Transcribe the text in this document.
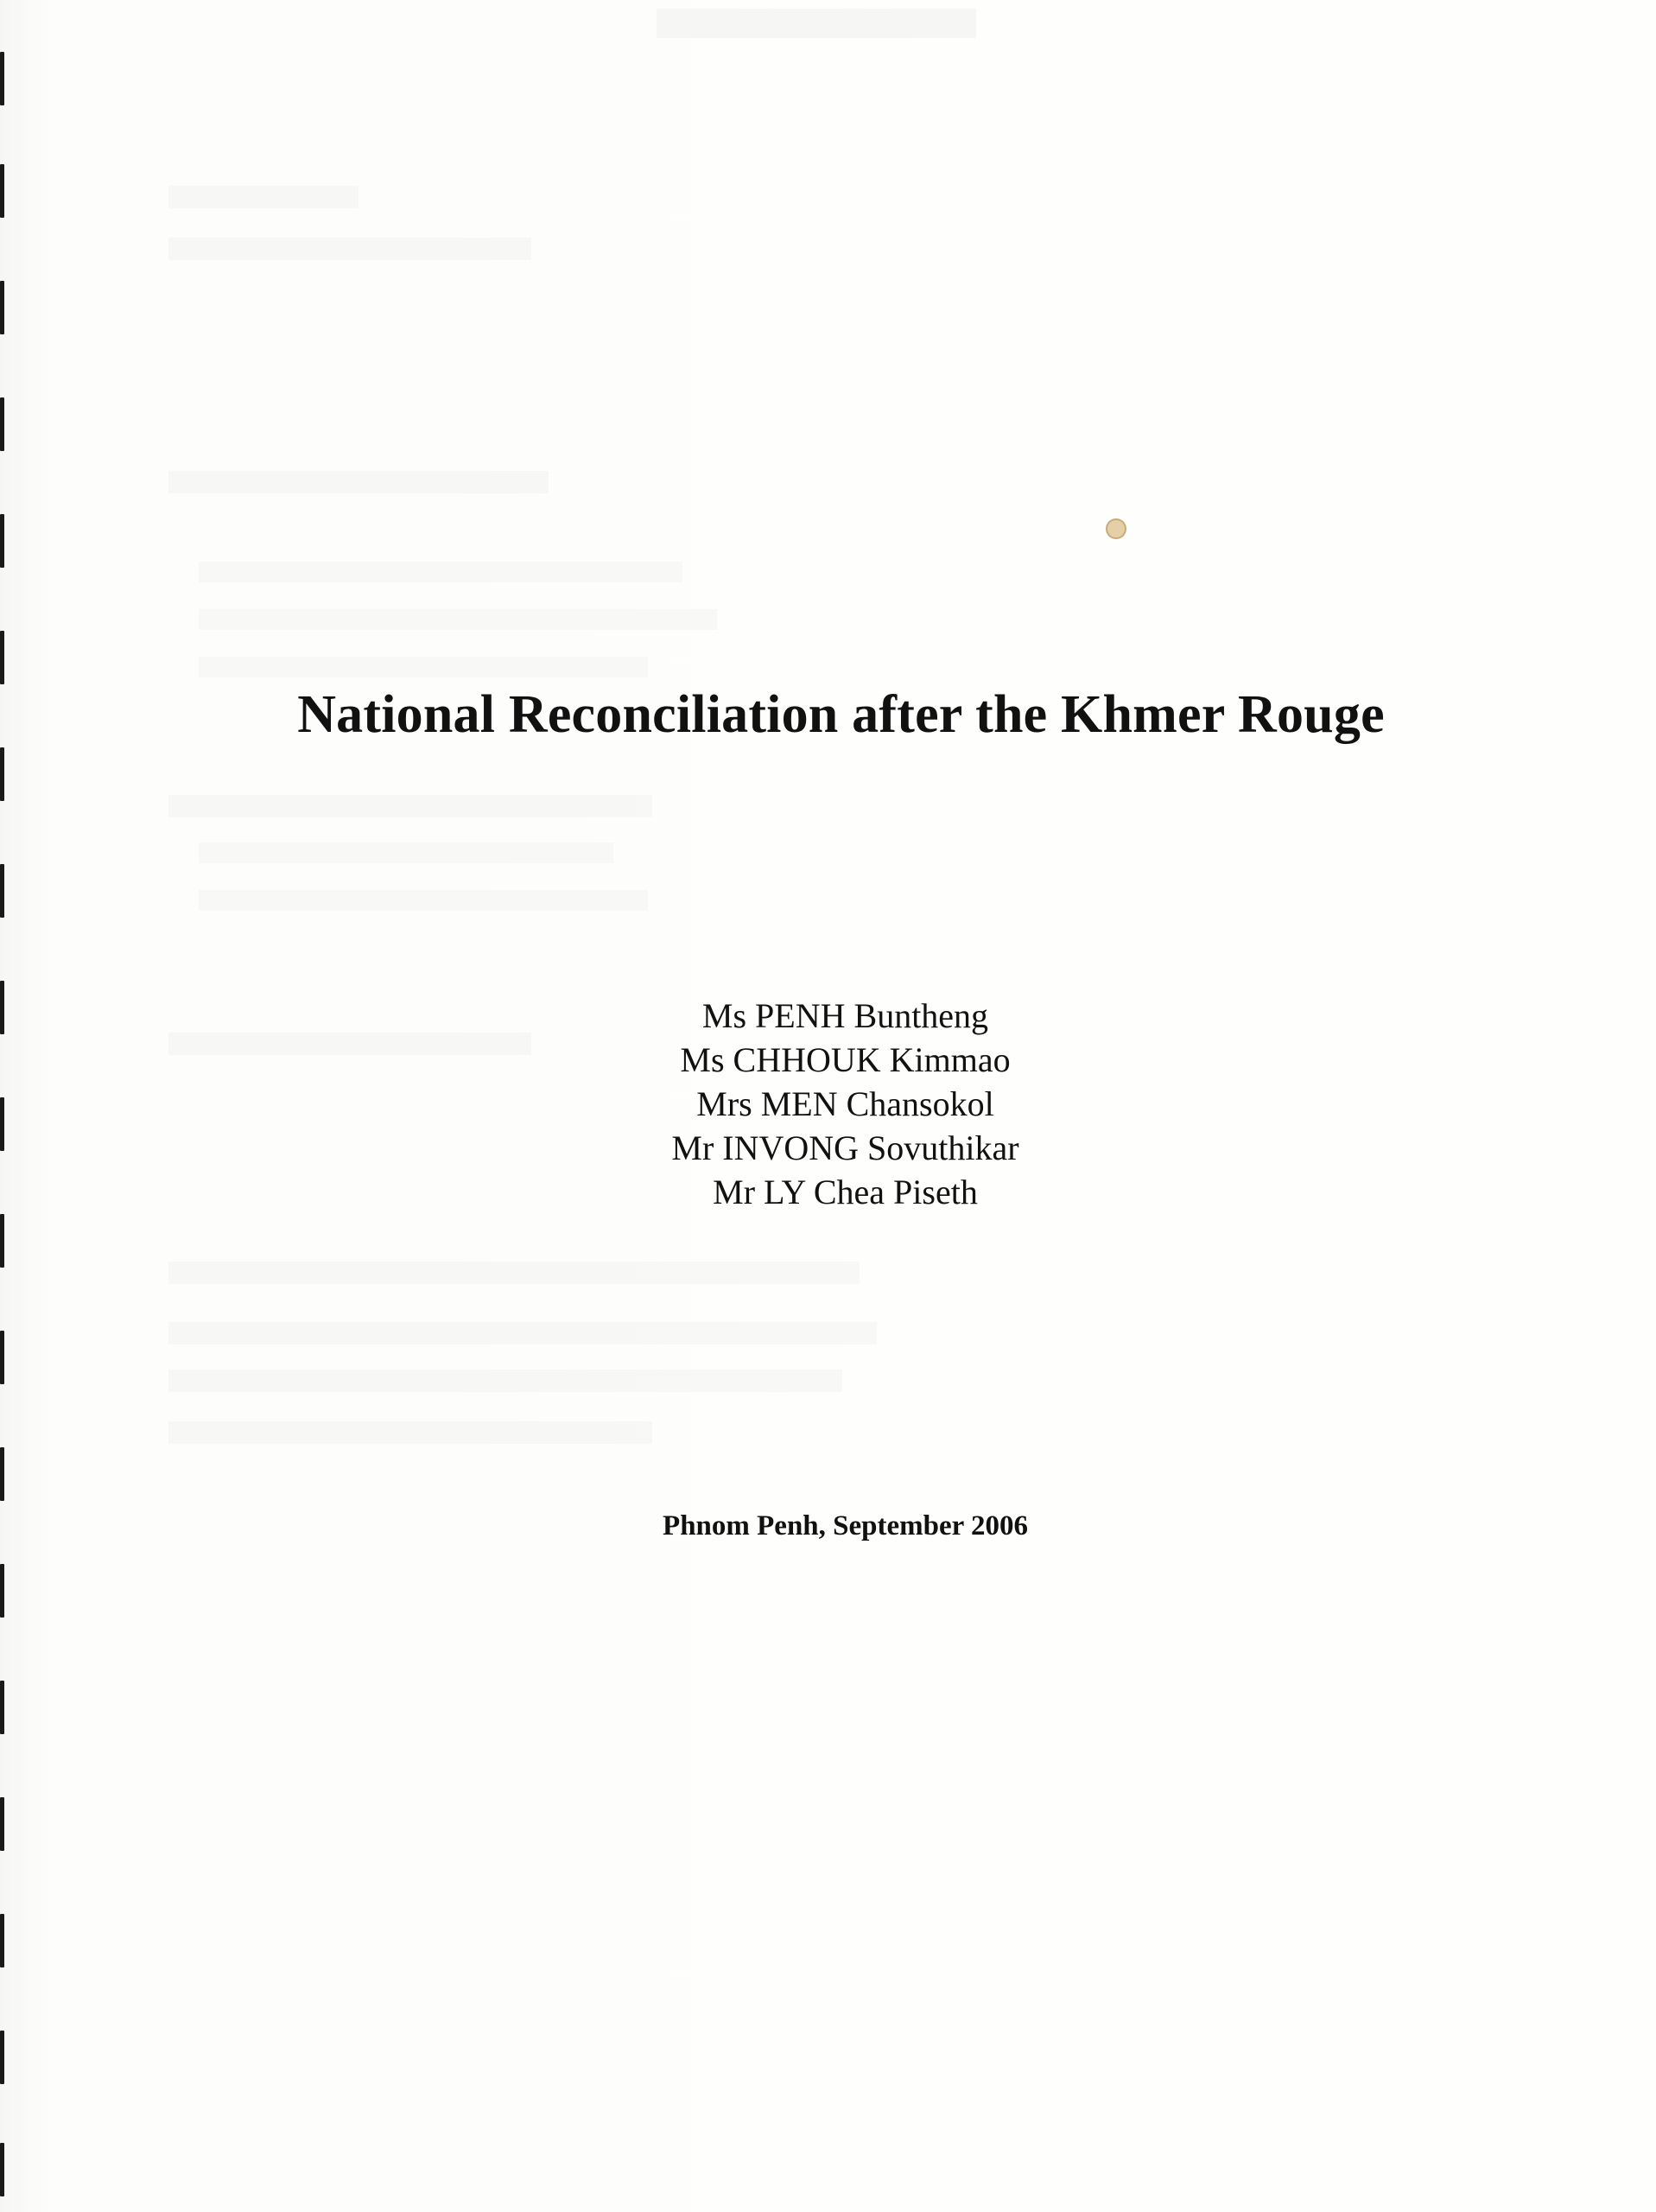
National Reconciliation after the Khmer Rouge
Ms PENH Buntheng
Ms CHHOUK Kimmao
Mrs MEN Chansokol
Mr INVONG Sovuthikar
Mr LY Chea Piseth
Phnom Penh, September 2006
